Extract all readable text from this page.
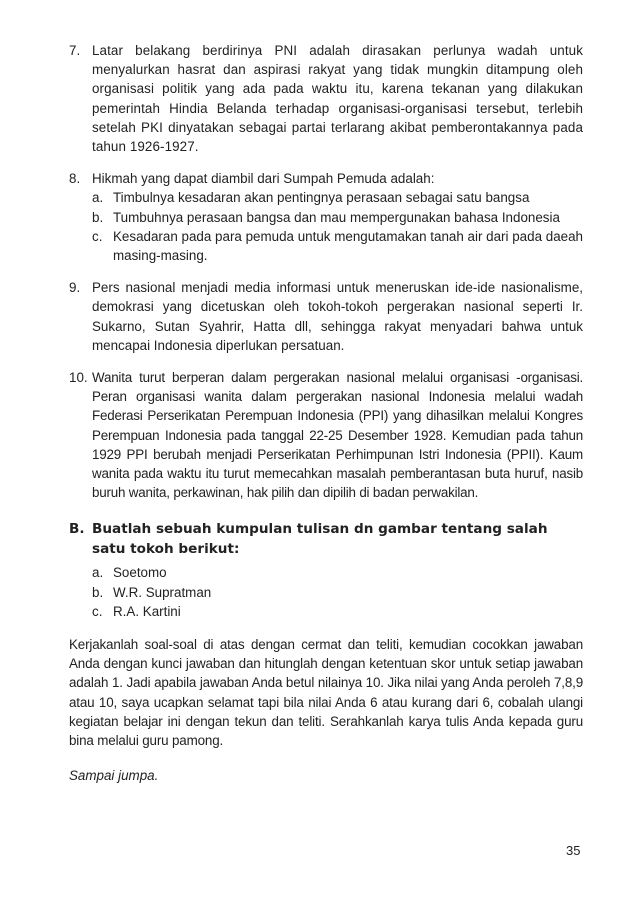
7. Latar belakang berdirinya PNI adalah dirasakan perlunya wadah untuk menyalurkan hasrat dan aspirasi rakyat yang tidak mungkin ditampung oleh organisasi politik yang ada pada waktu itu, karena tekanan yang dilakukan pemerintah Hindia Belanda terhadap organisasi-organisasi tersebut, terlebih setelah PKI dinyatakan sebagai partai terlarang akibat pemberontakannya pada tahun 1926-1927.
8. Hikmah yang dapat diambil dari Sumpah Pemuda adalah:
a. Timbulnya kesadaran akan pentingnya perasaan sebagai satu bangsa
b. Tumbuhnya perasaan bangsa dan mau mempergunakan bahasa Indonesia
c. Kesadaran pada para pemuda untuk mengutamakan tanah air dari pada daeah masing-masing.
9. Pers nasional menjadi media informasi untuk meneruskan ide-ide nasionalisme, demokrasi yang dicetuskan oleh tokoh-tokoh pergerakan nasional seperti Ir. Sukarno, Sutan Syahrir, Hatta dll, sehingga rakyat menyadari bahwa untuk mencapai Indonesia diperlukan persatuan.
10. Wanita turut berperan dalam pergerakan nasional melalui organisasi -organisasi. Peran organisasi wanita dalam pergerakan nasional Indonesia melalui wadah Federasi Perserikatan Perempuan Indonesia (PPI) yang dihasilkan melalui Kongres Perempuan Indonesia pada tanggal 22-25 Desember 1928. Kemudian pada tahun 1929 PPI berubah menjadi Perserikatan Perhimpunan Istri Indonesia (PPII). Kaum wanita pada waktu itu turut memecahkan masalah pemberantasan buta huruf, nasib buruh wanita, perkawinan, hak pilih dan dipilih di badan perwakilan.
B. Buatlah sebuah kumpulan tulisan dn gambar tentang salah satu tokoh berikut:
a. Soetomo
b. W.R. Supratman
c. R.A. Kartini
Kerjakanlah soal-soal di atas dengan cermat dan teliti, kemudian cocokkan jawaban Anda dengan kunci jawaban dan hitunglah dengan ketentuan skor untuk setiap jawaban adalah 1. Jadi apabila jawaban Anda betul nilainya 10. Jika nilai yang Anda peroleh 7,8,9 atau 10, saya ucapkan selamat tapi bila nilai Anda 6 atau kurang dari 6, cobalah ulangi kegiatan belajar ini dengan tekun dan teliti. Serahkanlah karya tulis Anda kepada guru bina melalui guru pamong.
Sampai jumpa.
35
